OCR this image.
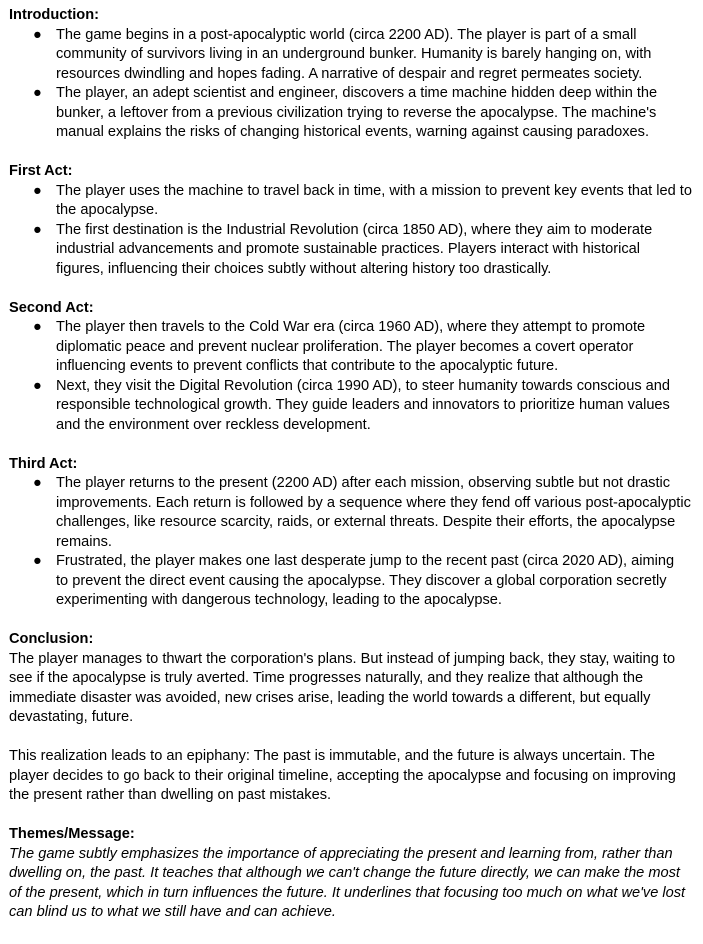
Introduction:
● The game begins in a post-apocalyptic world (circa 2200 AD). The player is part of a small community of survivors living in an underground bunker. Humanity is barely hanging on, with resources dwindling and hopes fading. A narrative of despair and regret permeates society.
● The player, an adept scientist and engineer, discovers a time machine hidden deep within the bunker, a leftover from a previous civilization trying to reverse the apocalypse. The machine's manual explains the risks of changing historical events, warning against causing paradoxes.
First Act:
● The player uses the machine to travel back in time, with a mission to prevent key events that led to the apocalypse.
● The first destination is the Industrial Revolution (circa 1850 AD), where they aim to moderate industrial advancements and promote sustainable practices. Players interact with historical figures, influencing their choices subtly without altering history too drastically.
Second Act:
● The player then travels to the Cold War era (circa 1960 AD), where they attempt to promote diplomatic peace and prevent nuclear proliferation. The player becomes a covert operator influencing events to prevent conflicts that contribute to the apocalyptic future.
● Next, they visit the Digital Revolution (circa 1990 AD), to steer humanity towards conscious and responsible technological growth. They guide leaders and innovators to prioritize human values and the environment over reckless development.
Third Act:
● The player returns to the present (2200 AD) after each mission, observing subtle but not drastic improvements. Each return is followed by a sequence where they fend off various post-apocalyptic challenges, like resource scarcity, raids, or external threats. Despite their efforts, the apocalypse remains.
● Frustrated, the player makes one last desperate jump to the recent past (circa 2020 AD), aiming to prevent the direct event causing the apocalypse. They discover a global corporation secretly experimenting with dangerous technology, leading to the apocalypse.
Conclusion:

The player manages to thwart the corporation's plans. But instead of jumping back, they stay, waiting to see if the apocalypse is truly averted. Time progresses naturally, and they realize that although the immediate disaster was avoided, new crises arise, leading the world towards a different, but equally devastating, future.

This realization leads to an epiphany: The past is immutable, and the future is always uncertain. The player decides to go back to their original timeline, accepting the apocalypse and focusing on improving the present rather than dwelling on past mistakes.

Themes/Message:

The game subtly emphasizes the importance of appreciating the present and learning from, rather than dwelling on, the past. It teaches that although we can't change the future directly, we can make the most of the present, which in turn influences the future. It underlines that focusing too much on what we've lost can blind us to what we still have and can achieve.
